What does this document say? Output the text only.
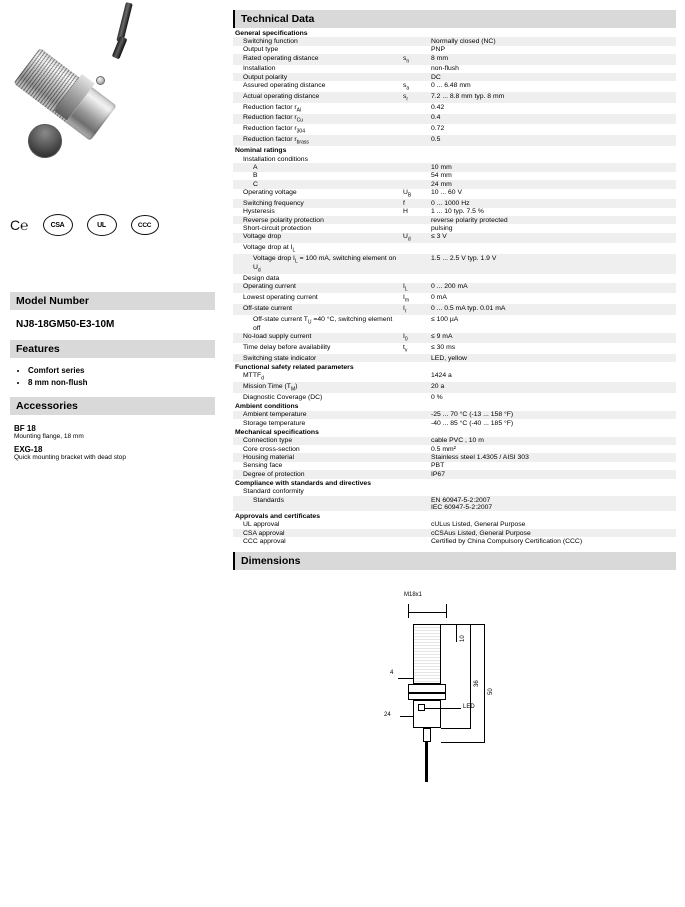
C℮	CSA	UL	CCC
Model Number
NJ8-18GM50-E3-10M
Features
• Comfort series
• 8 mm non-flush
Accessories
BF 18
Mounting flange, 18 mm
EXG-18
Quick mounting bracket with dead stop
Technical Data
General specifications		
Switching function		Normally closed (NC)
Output type		PNP
Rated operating distance	$s_n$	8 mm
Installation		non-flush
Output polarity		DC
Assured operating distance	$s_a$	0 ... 6.48 mm
Actual operating distance	$s_r$	7.2 ... 8.8 mm typ. 8 mm
Reduction factor $r_{Al}$		0.42
Reduction factor $r_{Cu}$		0.4
Reduction factor $r_{304}$		0.72
Reduction factor $r_{brass}$		0.5
Nominal ratings		
Installation conditions		
A		10 mm
B		54 mm
C		24 mm
Operating voltage	$U_B$	10 ... 60 V
Switching frequency	f	0 ... 1000 Hz
Hysteresis	H	1 ... 10 typ. 7.5 %
Reverse polarity protection		reverse polarity protected
Short-circuit protection		pulsing
Voltage drop	$U_d$	≤ 3 V
Voltage drop at $I_L$		
Voltage drop $I_L = 100$ mA, switching element on $U_d$		1.5 ... 2.5 V typ. 1.9 V
Design data		
Operating current	$I_L$	0 ... 200 mA
Lowest operating current	$I_m$	0 mA
Off-state current	$I_r$	0 ... 0.5 mA typ. 0.01 mA
Off-state current $T_U =40$ °C, switching element off		≤ 100 µA
No-load supply current	$I_0$	≤ 9 mA
Time delay before availability	$t_v$	≤ 30 ms
Switching state indicator		LED, yellow
Functional safety related parameters		
$MTTF_d$		1424 a
Mission Time $(T_M)$		20 a
Diagnostic Coverage (DC)		0 %
Ambient conditions		
Ambient temperature		-25 ... 70 °C (-13 ... 158 °F)
Storage temperature		-40 ... 85 °C (-40 ... 185 °F)
Mechanical specifications		
Connection type		cable PVC , 10 m
Core cross-section		0.5 mm²
Housing material		Stainless steel 1.4305 / AISI 303
Sensing face		PBT
Degree of protection		IP67
Compliance with standards and directives		
Standard conformity		
Standards		EN 60947-5-2:2007
IEC 60947-5-2:2007
Approvals and certificates		
UL approval		cULus Listed, General Purpose
CSA approval		cCSAus Listed, General Purpose
CCC approval		Certified by China Compulsory Certification (CCC)
Dimensions
M18x1
10
36
50
4
24
LED
